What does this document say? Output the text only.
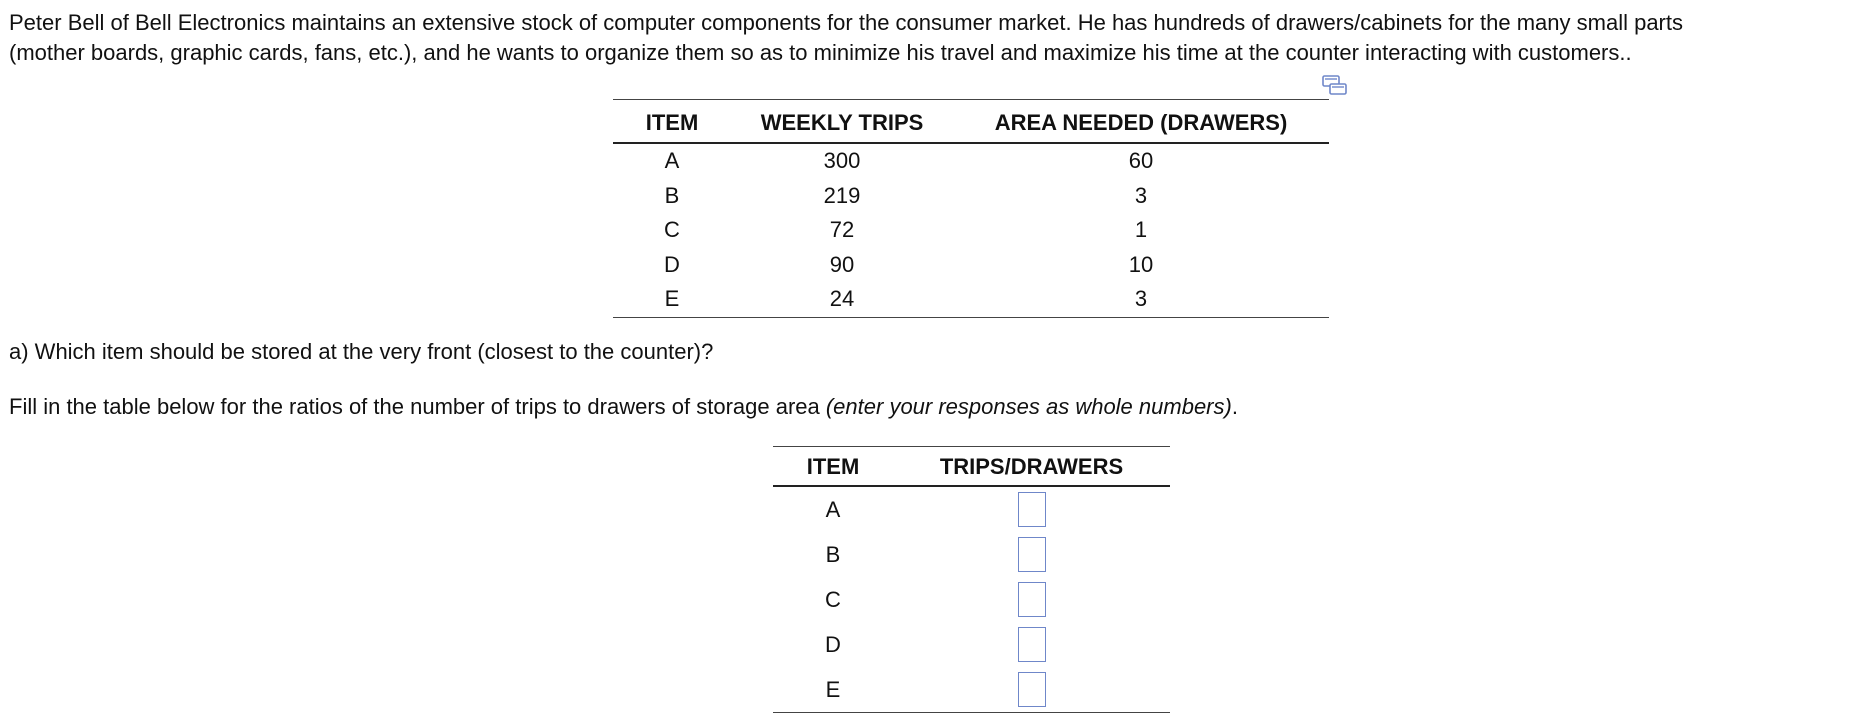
Peter Bell of Bell Electronics maintains an extensive stock of computer components for the consumer market. He has hundreds of drawers/cabinets for the many small parts
(mother boards, graphic cards, fans, etc.), and he wants to organize them so as to minimize his travel and maximize his time at the counter interacting with customers..

ITEM	WEEKLY TRIPS	AREA NEEDED (DRAWERS)
A	300	60
B	219	3
C	72	1
D	90	10
E	24	3

a) Which item should be stored at the very front (closest to the counter)?

Fill in the table below for the ratios of the number of trips to drawers of storage area (enter your responses as whole numbers).

ITEM	TRIPS/DRAWERS
A	
B	
C	
D	
E	
